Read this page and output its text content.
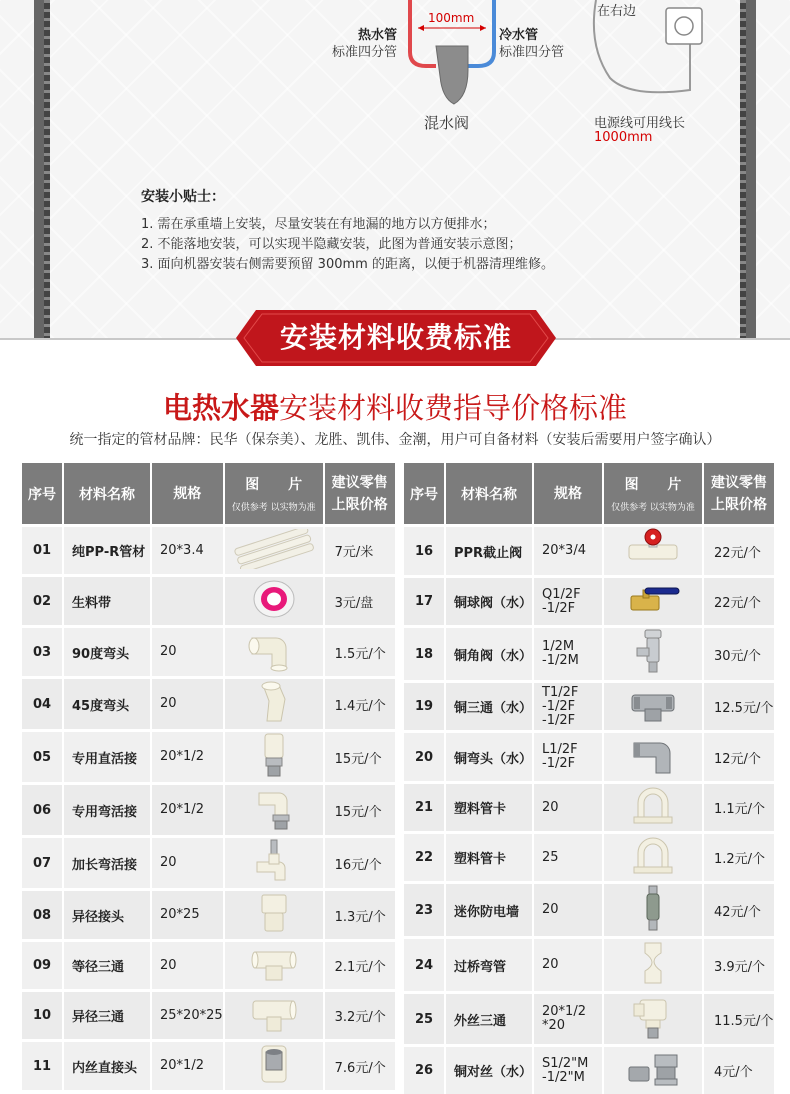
在右边
热水管
标准四分管
100mm
冷水管
标准四分管
混水阀	电源线可用线长
1000mm
安装小贴士：
1. 需在承重墙上安装，尽量安装在有地漏的地方以方便排水；
2. 不能落地安装，可以实现半隐藏安装，此图为普通安装示意图；
3. 面向机器安装右侧需要预留 300mm 的距离，以便于机器清理维修。
安装材料收费标准
电热水器安装材料收费指导价格标准
统一指定的管材品牌：民华（保奈美）、龙胜、凯伟、金潮，用户可自备材料（安装后需要用户签字确认）
序号	材料名称	规格	图 片
仅供参考 以实物为准	建议零售
上限价格

01	纯PP-R管材	20*3.4		7元/米
02	生料带			3元/盘
03	90度弯头	20		1.5元/个
04	45度弯头	20		1.4元/个
05	专用直活接	20*1/2		15元/个
06	专用弯活接	20*1/2		15元/个
07	加长弯活接	20		16元/个
08	异径接头	20*25		1.3元/个
09	等径三通	20		2.1元/个
10	异径三通	25*20*25		3.2元/个
11	内丝直接头	20*1/2		7.6元/个
序号	材料名称	规格	图 片
仅供参考 以实物为准	建议零售
上限价格

16	PPR截止阀	20*3/4		22元/个
17	铜球阀（水）	Q1/2F
-1/2F		22元/个
18	铜角阀（水）	1/2M
-1/2M		30元/个
19	铜三通（水）	T1/2F
-1/2F
-1/2F		12.5元/个
20	铜弯头（水）	L1/2F
-1/2F		12元/个
21	塑料管卡	20		1.1元/个
22	塑料管卡	25		1.2元/个
23	迷你防电墙	20		42元/个
24	过桥弯管	20		3.9元/个
25	外丝三通	20*1/2
*20		11.5元/个
26	铜对丝（水）	S1/2"M
-1/2"M		4元/个
